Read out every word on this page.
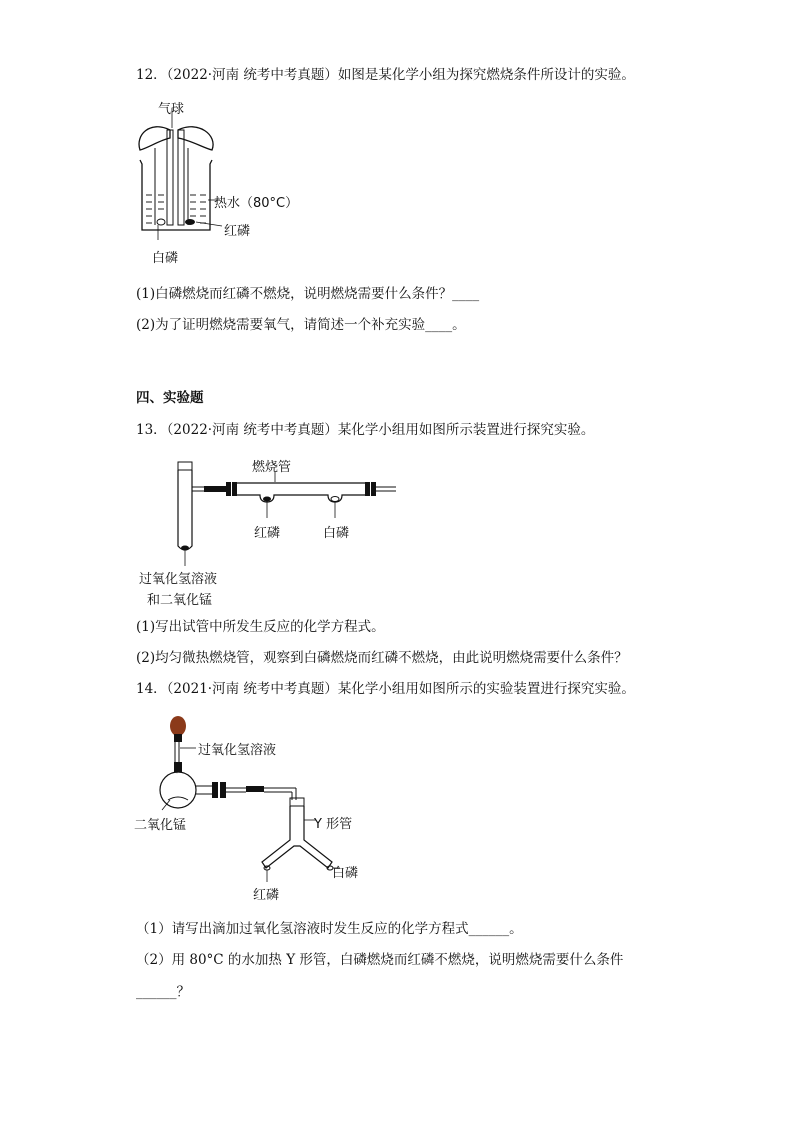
12．（2022·河南 统考中考真题）如图是某化学小组为探究燃烧条件所设计的实验。
气球
热水（80°C）
红磷
白磷
(1)白磷燃烧而红磷不燃烧，说明燃烧需要什么条件？____
(2)为了证明燃烧需要氧气，请简述一个补充实验____。
四、实验题
13．（2022·河南 统考中考真题）某化学小组用如图所示装置进行探究实验。
燃烧管
红磷	白磷
过氧化氢溶液
和二氧化锰
(1)写出试管中所发生反应的化学方程式。
(2)均匀微热燃烧管，观察到白磷燃烧而红磷不燃烧，由此说明燃烧需要什么条件？
14．（2021·河南 统考中考真题）某化学小组用如图所示的实验装置进行探究实验。
过氧化氢溶液
二氧化锰	Y 形管
白磷
红磷
（1）请写出滴加过氧化氢溶液时发生反应的化学方程式______。
（2）用 80°C 的水加热 Y 形管，白磷燃烧而红磷不燃烧，说明燃烧需要什么条件
______？
